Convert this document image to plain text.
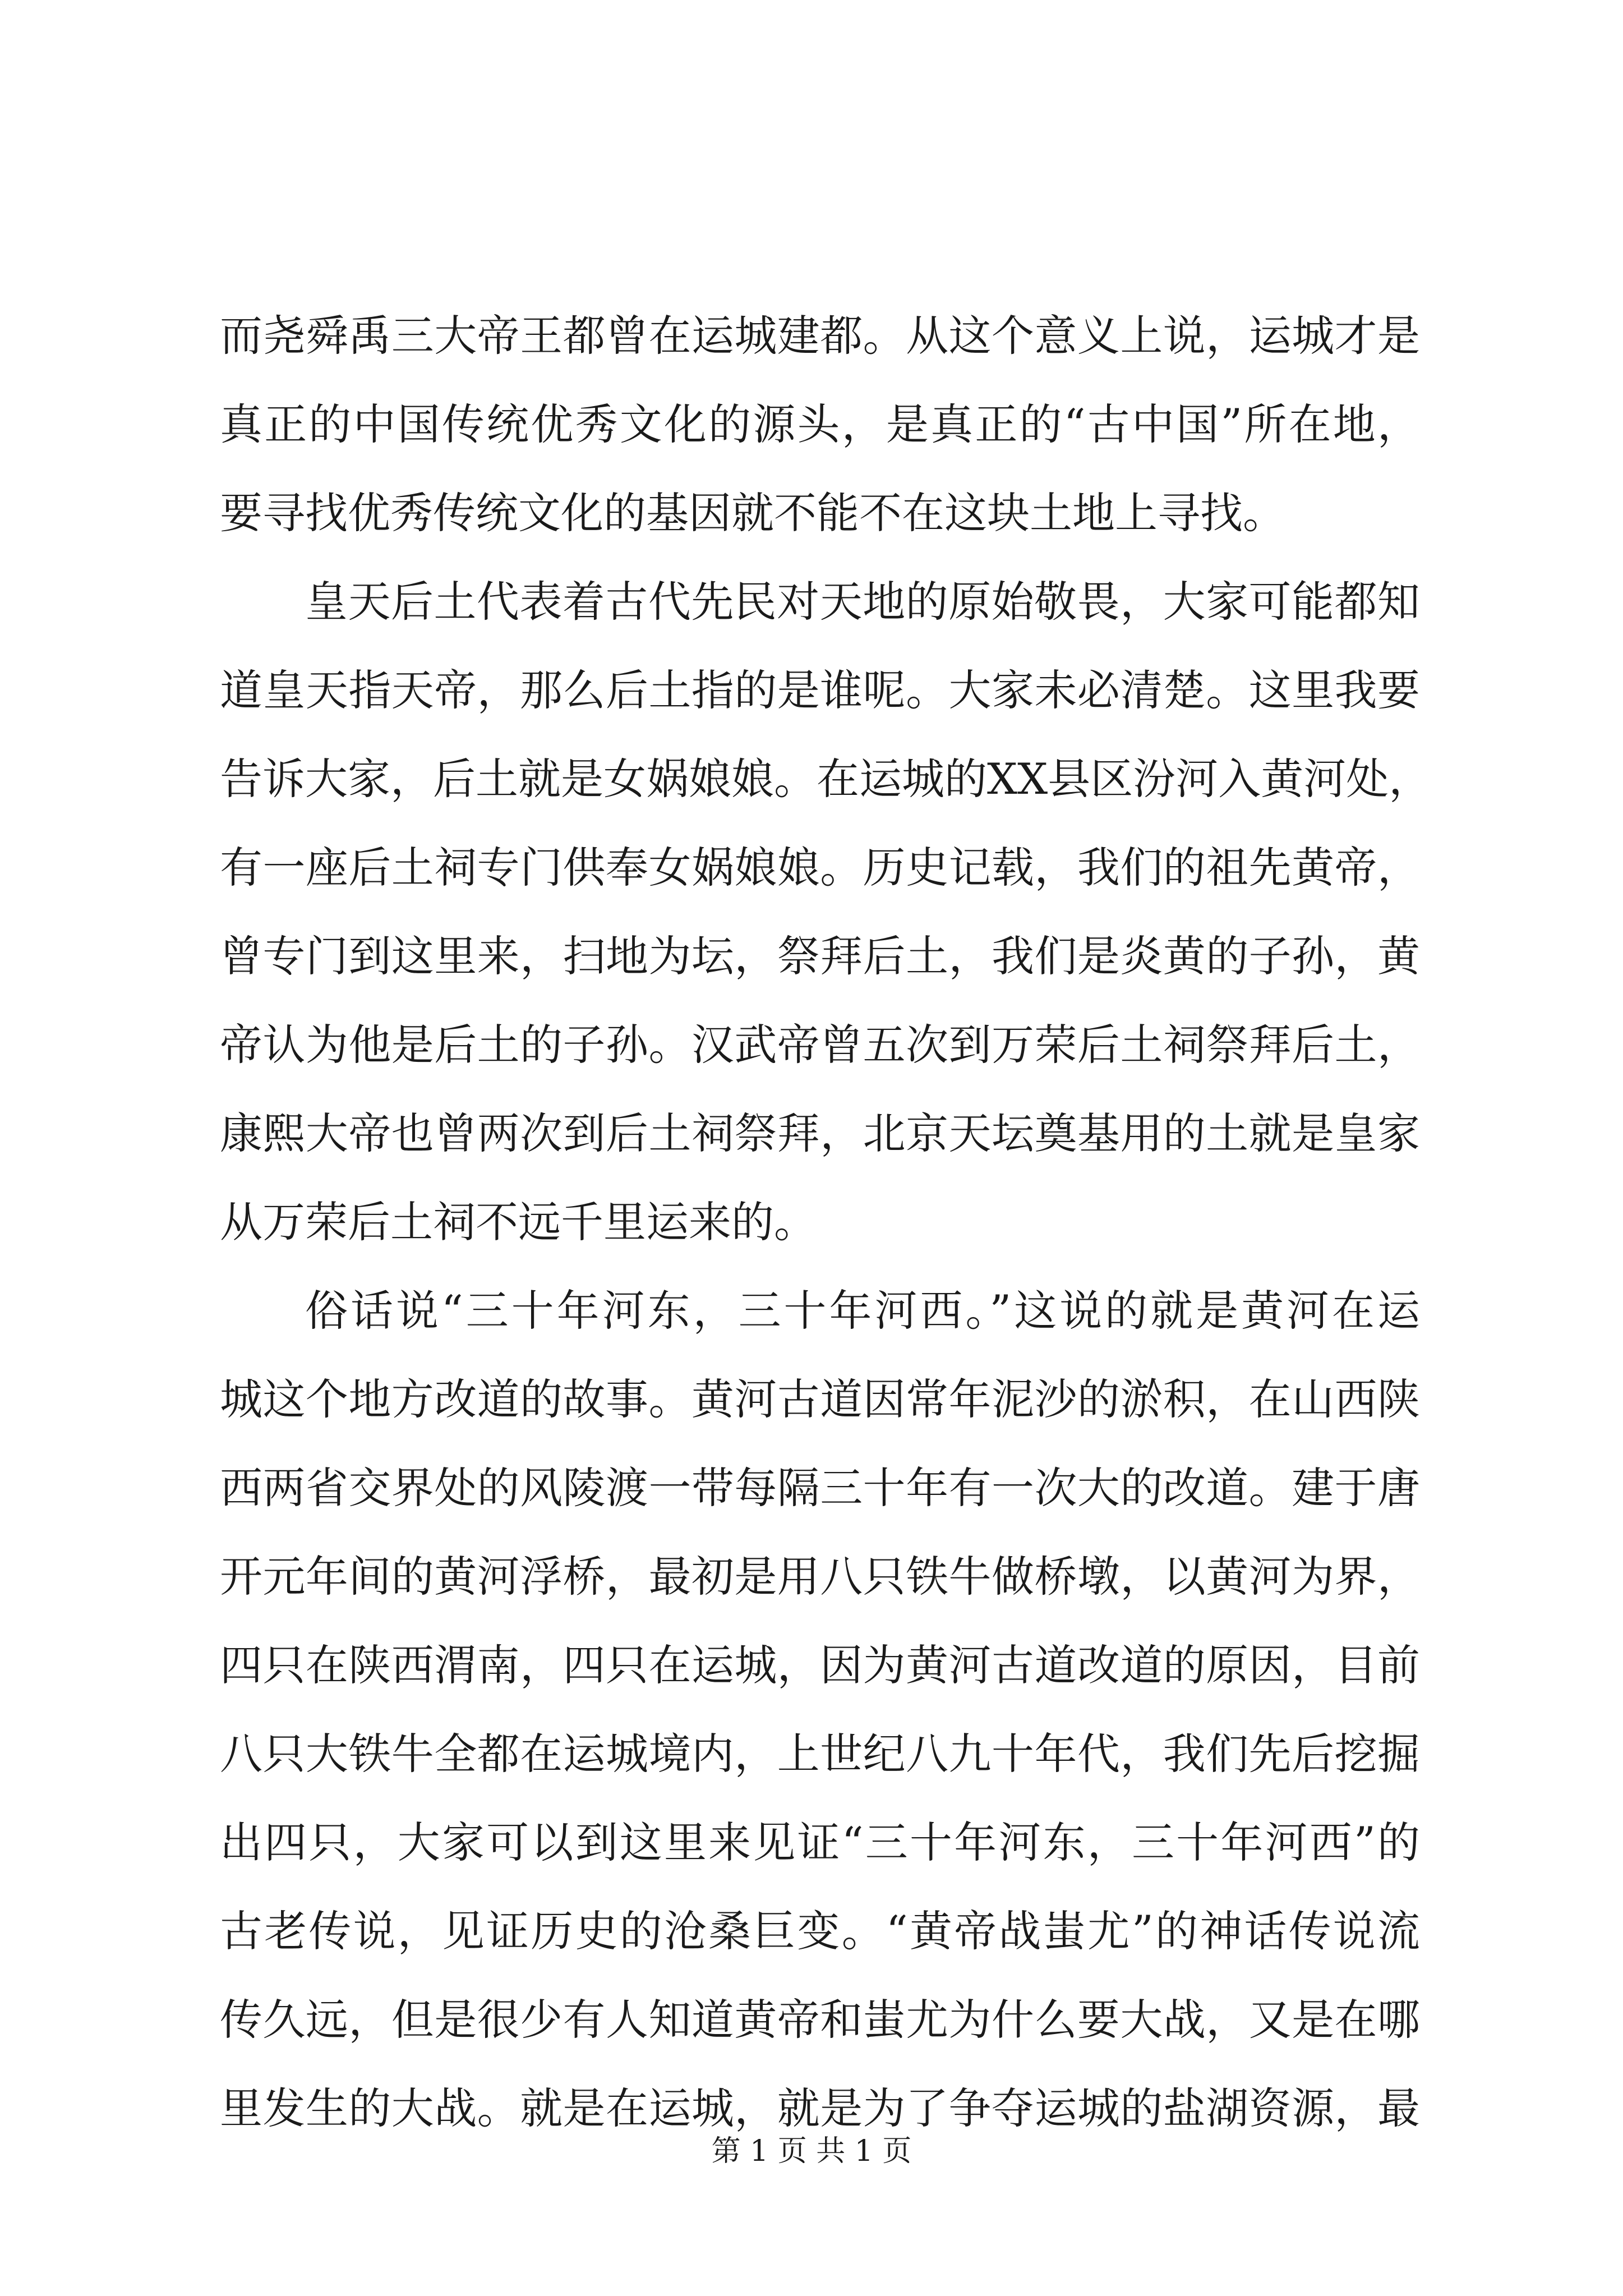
而尧舜禹三大帝王都曾在运城建都。从这个意义上说，运城才是
真正的中国传统优秀文化的源头，是真正的“古中国”所在地，
要寻找优秀传统文化的基因就不能不在这块土地上寻找。
皇天后土代表着古代先民对天地的原始敬畏，大家可能都知
道皇天指天帝，那么后土指的是谁呢。大家未必清楚。这里我要
告诉大家，后土就是女娲娘娘。在运城的XX县区汾河入黄河处，
有一座后土祠专门供奉女娲娘娘。历史记载，我们的祖先黄帝，
曾专门到这里来，扫地为坛，祭拜后土，我们是炎黄的子孙，黄
帝认为他是后土的子孙。汉武帝曾五次到万荣后土祠祭拜后土，
康熙大帝也曾两次到后土祠祭拜，北京天坛奠基用的土就是皇家
从万荣后土祠不远千里运来的。
俗话说“三十年河东，三十年河西。”这说的就是黄河在运
城这个地方改道的故事。黄河古道因常年泥沙的淤积，在山西陕
西两省交界处的风陵渡一带每隔三十年有一次大的改道。建于唐
开元年间的黄河浮桥，最初是用八只铁牛做桥墩，以黄河为界，
四只在陕西渭南，四只在运城，因为黄河古道改道的原因，目前
八只大铁牛全都在运城境内，上世纪八九十年代，我们先后挖掘
出四只，大家可以到这里来见证“三十年河东，三十年河西”的
古老传说，见证历史的沧桑巨变。“黄帝战蚩尤”的神话传说流
传久远，但是很少有人知道黄帝和蚩尤为什么要大战，又是在哪
里发生的大战。就是在运城，就是为了争夺运城的盐湖资源，最
第 1 页 共 1 页
